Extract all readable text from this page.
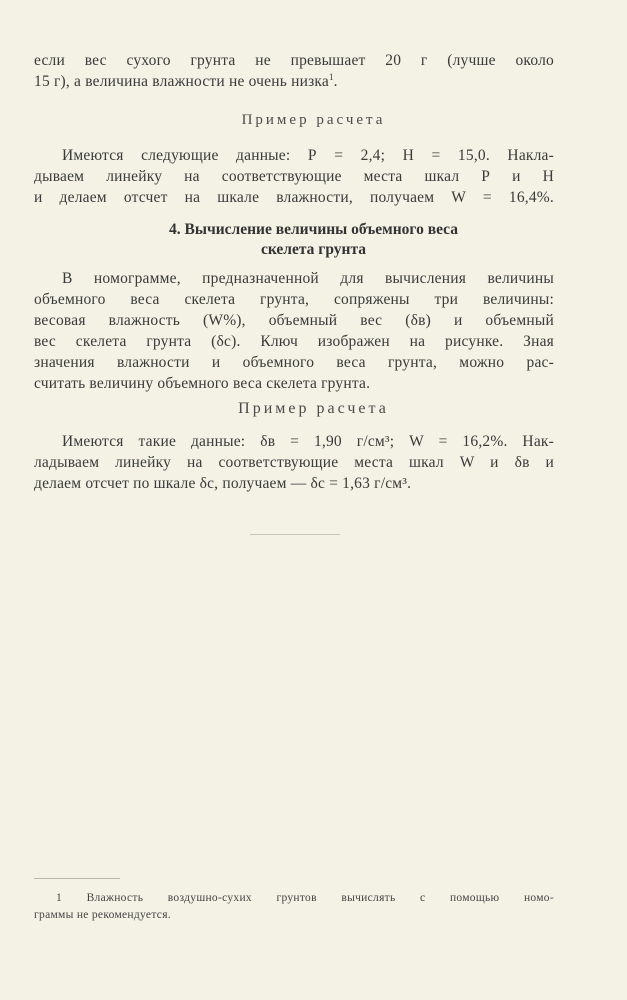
если вес сухого грунта не превышает 20 г (лучше около
15 г), а величина влажности не очень низка$^1$.
Пример расчета
Имеются следующие данные: Р = 2,4; Н = 15,0. Накла-
дываем линейку на соответствующие места шкал Р и Н
и делаем отсчет на шкале влажности, получаем W = 16,4%.
4. Вычисление величины объемного веса
скелета грунта
В номограмме, предназначенной для вычисления величины
объемного веса скелета грунта, сопряжены три величины:
весовая влажность (W%), объемный вес (δв) и объемный
вес скелета грунта (δc). Ключ изображен на рисунке. Зная
значения влажности и объемного веса грунта, можно рас-
считать величину объемного веса скелета грунта.
Пример расчета
Имеются такие данные: δв = 1,90 г/см³; W = 16,2%. Нак-
ладываем линейку на соответствующие места шкал W и δв и
делаем отсчет по шкале δc, получаем — δc = 1,63 г/см³.
1 Влажность воздушно-сухих грунтов вычислять с помощью номо-
граммы не рекомендуется.
